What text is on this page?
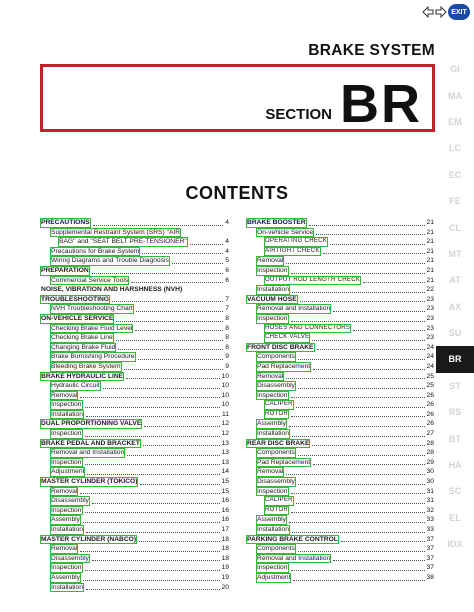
EXIT
BRAKE SYSTEM
SECTION BR
CONTENTS
PRECAUTIONS	4
Supplemental Restraint System (SRS) "AIR
BAG" and "SEAT BELT PRE-TENSIONER"	4
Precautions for Brake System	4
Wiring Diagrams and Trouble Diagnosis	5
PREPARATION	6
Commercial Service Tools	6
NOISE, VIBRATION AND HARSHNESS (NVH)
TROUBLESHOOTING	7
NVH Troubleshooting Chart	7
ON-VEHICLE SERVICE	8
Checking Brake Fluid Level	8
Checking Brake Line	8
Changing Brake Fluid	8
Brake Burnishing Procedure	9
Bleeding Brake System	9
BRAKE HYDRAULIC LINE	10
Hydraulic Circuit	10
Removal	10
Inspection	10
Installation	11
DUAL PROPORTIONING VALVE	12
Inspection	12
BRAKE PEDAL AND BRACKET	13
Removal and Installation	13
Inspection	13
Adjustment	14
MASTER CYLINDER (TOKICO)	15
Removal	15
Disassembly	16
Inspection	16
Assembly	16
Installation	17
MASTER CYLINDER (NABCO)	18
Removal	18
Disassembly	18
Inspection	19
Assembly	19
Installation	20
BRAKE BOOSTER	21
On-vehicle Service	21
OPERATING CHECK	21
AIRTIGHT CHECK	21
Removal	21
Inspection	21
OUTPUT ROD LENGTH CHECK	21
Installation	22
VACUUM HOSE	23
Removal and Installation	23
Inspection	23
HOSES AND CONNECTORS	23
CHECK VALVE	23
FRONT DISC BRAKE	24
Components	24
Pad Replacement	24
Removal	25
Disassembly	25
Inspection	26
CALIPER	26
ROTOR	26
Assembly	26
Installation	27
REAR DISC BRAKE	28
Components	28
Pad Replacement	29
Removal	30
Disassembly	30
Inspection	31
CALIPER	31
ROTOR	32
Assembly	33
Installation	33
PARKING BRAKE CONTROL	37
Components	37
Removal and Installation	37
Inspection	37
Adjustment	38
GI
MA
EM
LC
EC
FE
CL
MT
AT
AX
SU
BR
ST
RS
BT
HA
SC
EL
IDX
